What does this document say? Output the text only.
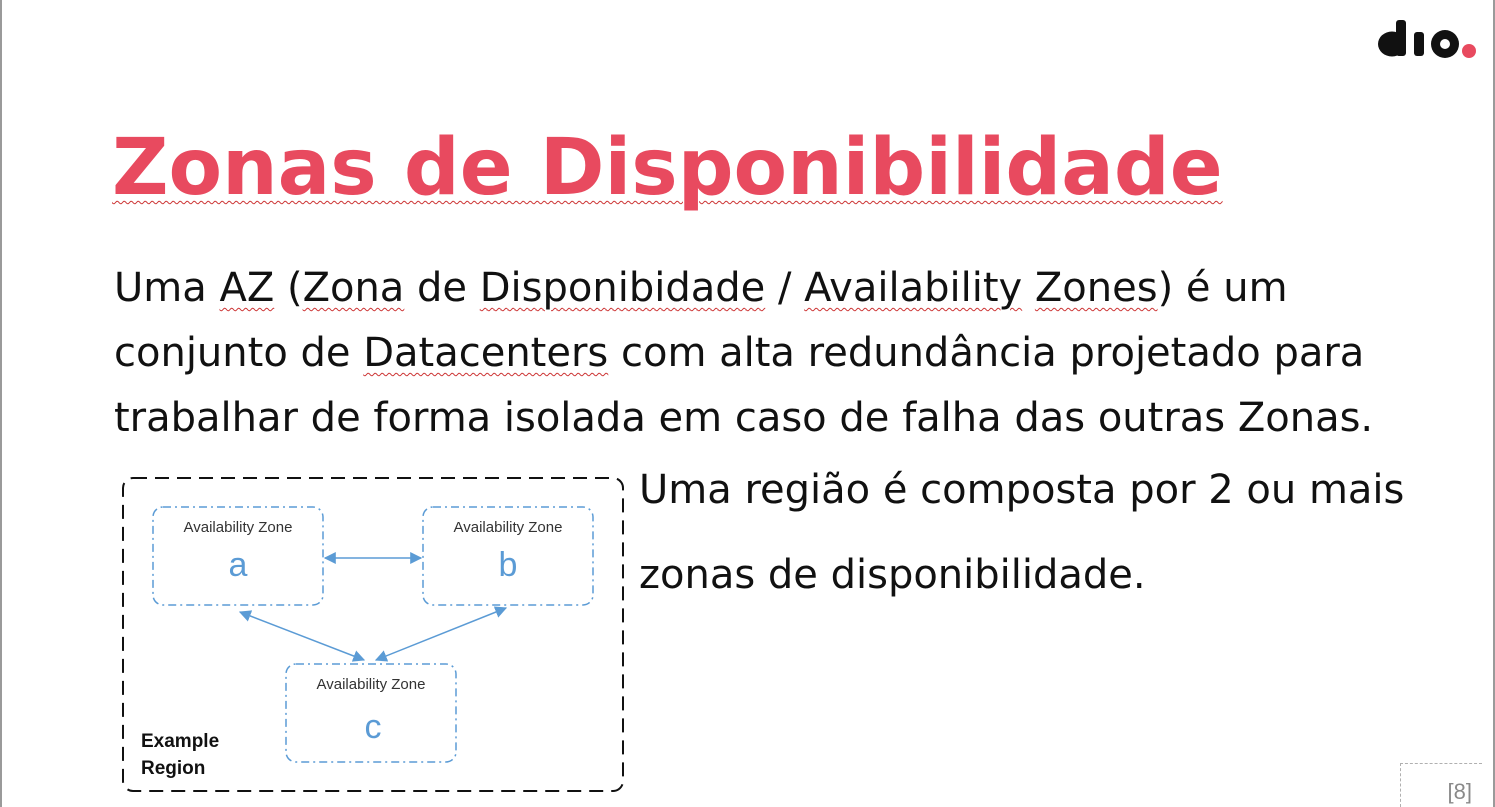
Zonas de Disponibilidade

Uma AZ (Zona de Disponibidade / Availability Zones) é um conjunto de Datacenters com alta redundância projetado para trabalhar de forma isolada em caso de falha das outras Zonas.

Availability Zone
a
Availability Zone
b
Availability Zone
c
Example
Region

Uma região é composta por 2 ou mais

zonas de disponibilidade.

[8]
